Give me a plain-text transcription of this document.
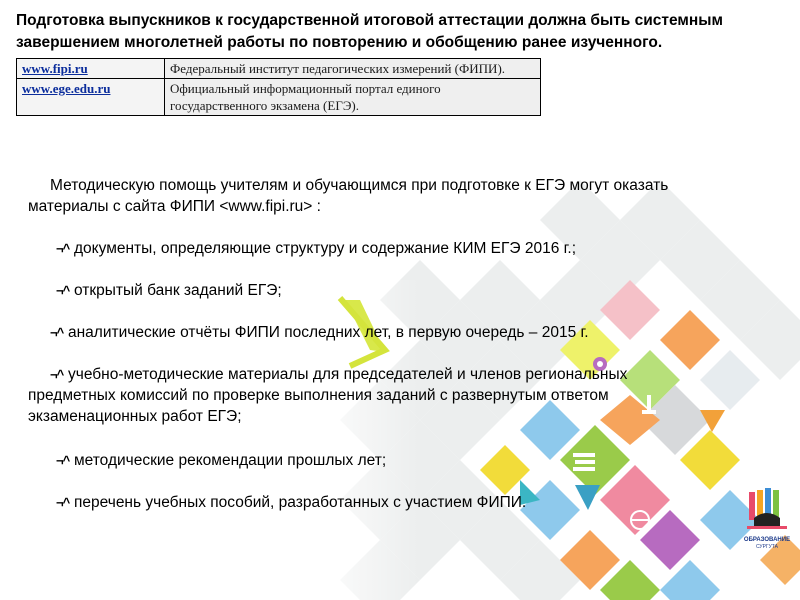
ОБРАЗОВАНИЕ
СУРГУТА
Подготовка выпускников к государственной итоговой аттестации должна быть системным завершением многолетней работы по повторению и обобщению ранее изученного.
www.fipi.ru	Федеральный институт педагогических измерений (ФИПИ).
www.ege.edu.ru	Официальный информационный портал единого государственного экзамена (ЕГЭ).
Методическую помощь учителям и обучающимся при подготовке к ЕГЭ могут оказать материалы с сайта ФИПИ <www.fipi.ru> :
¬^ документы, определяющие структуру и содержание КИМ ЕГЭ 2016 г.;
¬^ открытый банк заданий ЕГЭ;
¬^ аналитические отчёты ФИПИ последних лет, в первую очередь – 2015 г.
¬^ учебно-методические материалы для председателей и членов региональных предметных комиссий по проверке выполнения заданий с развернутым ответом экзаменационных работ ЕГЭ;
¬^ методические рекомендации прошлых лет;
¬^ перечень учебных пособий, разработанных с участием ФИПИ.
